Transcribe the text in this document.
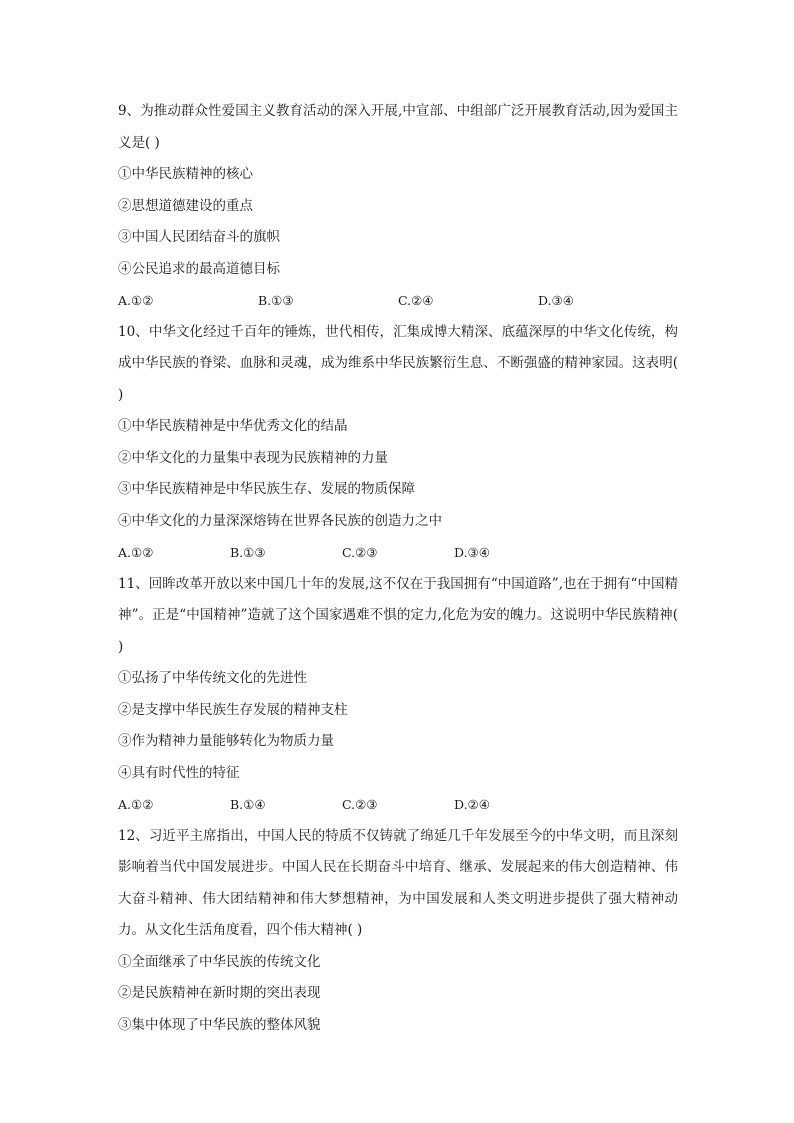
9、为推动群众性爱国主义教育活动的深入开展,中宣部、中组部广泛开展教育活动,因为爱国主义是( )

①中华民族精神的核心

②思想道德建设的重点

③中国人民团结奋斗的旗帜

④公民追求的最高道德目标

A.①②	B.①③	C.②④	D.③④

10、中华文化经过千百年的锤炼，世代相传，汇集成博大精深、底蕴深厚的中华文化传统，构成中华民族的脊梁、血脉和灵魂，成为维系中华民族繁衍生息、不断强盛的精神家园。这表明( )

①中华民族精神是中华优秀文化的结晶

②中华文化的力量集中表现为民族精神的力量

③中华民族精神是中华民族生存、发展的物质保障

④中华文化的力量深深熔铸在世界各民族的创造力之中

A.①②	B.①③	C.②③	D.③④

11、回眸改革开放以来中国几十年的发展,这不仅在于我国拥有“中国道路”,也在于拥有“中国精神”。正是“中国精神”造就了这个国家遇难不惧的定力,化危为安的魄力。这说明中华民族精神( )

①弘扬了中华传统文化的先进性

②是支撑中华民族生存发展的精神支柱

③作为精神力量能够转化为物质力量

④具有时代性的特征

A.①②	B.①④	C.②③	D.②④

12、习近平主席指出，中国人民的特质不仅铸就了绵延几千年发展至今的中华文明，而且深刻影响着当代中国发展进步。中国人民在长期奋斗中培育、继承、发展起来的伟大创造精神、伟大奋斗精神、伟大团结精神和伟大梦想精神，为中国发展和人类文明进步提供了强大精神动力。从文化生活角度看，四个伟大精神( )

①全面继承了中华民族的传统文化

②是民族精神在新时期的突出表现

③集中体现了中华民族的整体风貌
